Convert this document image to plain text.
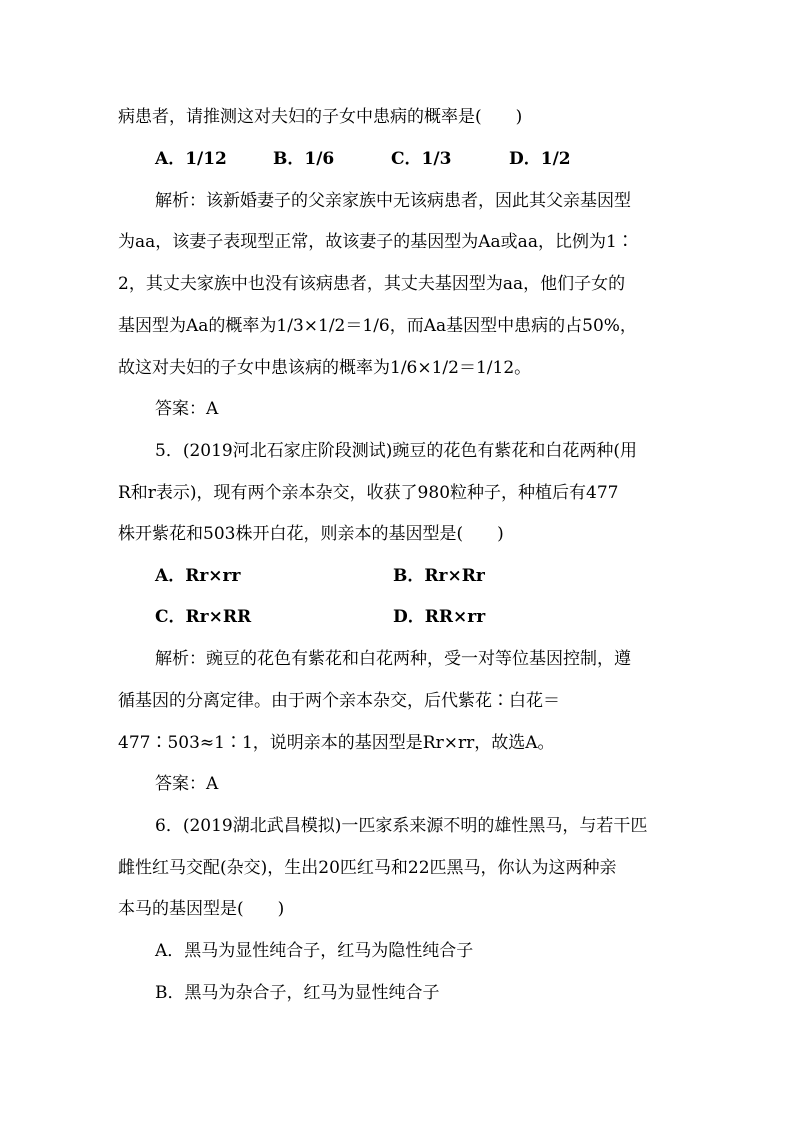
病患者，请推测这对夫妇的子女中患病的概率是(　　)
A．1/12	B．1/6	C．1/3	D．1/2
解析：该新婚妻子的父亲家族中无该病患者，因此其父亲基因型
为aa，该妻子表现型正常，故该妻子的基因型为Aa或aa，比例为1∶
2，其丈夫家族中也没有该病患者，其丈夫基因型为aa，他们子女的
基因型为Aa的概率为1/3×1/2＝1/6，而Aa基因型中患病的占50%，
故这对夫妇的子女中患该病的概率为1/6×1/2＝1/12。
答案：A
5．(2019河北石家庄阶段测试)豌豆的花色有紫花和白花两种(用
R和r表示)，现有两个亲本杂交，收获了980粒种子，种植后有477
株开紫花和503株开白花，则亲本的基因型是(　　)
A．Rr×rr	B．Rr×Rr
C．Rr×RR	D．RR×rr
解析：豌豆的花色有紫花和白花两种，受一对等位基因控制，遵
循基因的分离定律。由于两个亲本杂交，后代紫花∶白花＝
477∶503≈1∶1，说明亲本的基因型是Rr×rr，故选A。
答案：A
6．(2019湖北武昌模拟)一匹家系来源不明的雄性黑马，与若干匹
雌性红马交配(杂交)，生出20匹红马和22匹黑马，你认为这两种亲
本马的基因型是(　　)
A．黑马为显性纯合子，红马为隐性纯合子
B．黑马为杂合子，红马为显性纯合子
